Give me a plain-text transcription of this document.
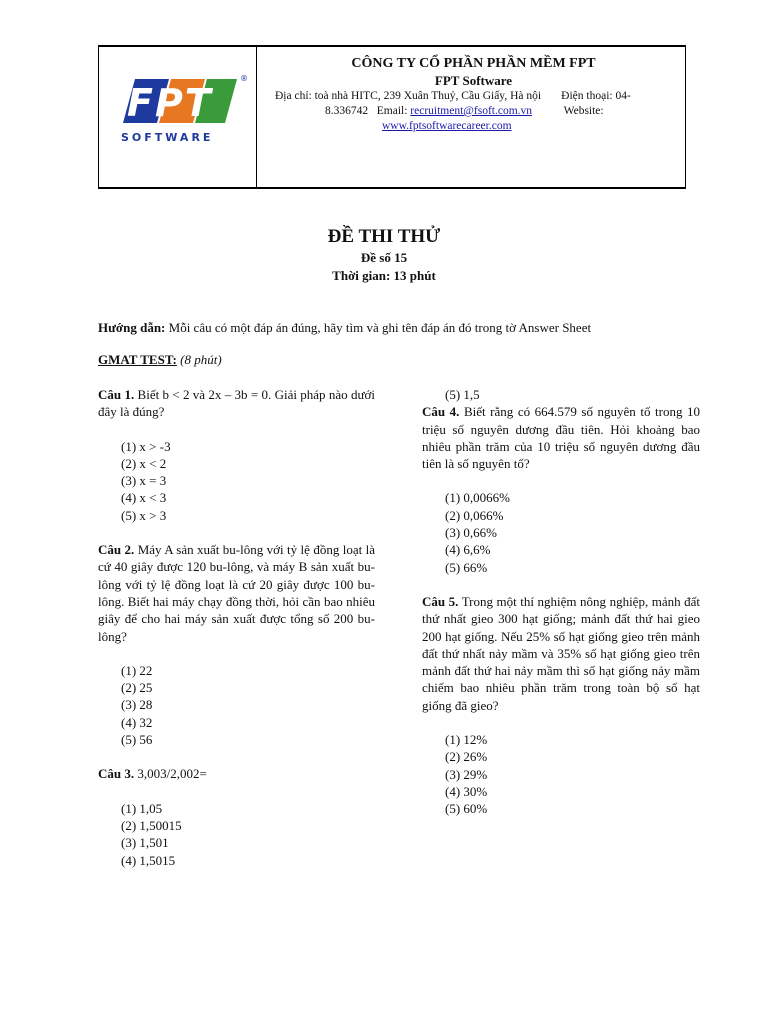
FPT
®
SOFTWARE
CÔNG TY CỔ PHẦN PHẦN MỀM FPT
FPT Software
Địa chỉ: toà nhà HITC, 239 Xuân Thuỷ, Cầu Giấy, Hà nội Điện thoại: 04-
8.336742 Email: recruitment@fsoft.com.vn	Website:
www.fptsoftwarecareer.com
ĐỀ THI THỬ
Đề số 15
Thời gian: 13 phút
Hướng dẫn: Mỗi câu có một đáp án đúng, hãy tìm và ghi tên đáp án đó trong tờ Answer Sheet
GMAT TEST: (8 phút)

Câu 1. Biết b < 2 và 2x – 3b = 0. Giải pháp nào dưới đây là đúng?

(1) x > -3
(2) x < 2
(3) x = 3
(4) x < 3
(5) x > 3

Câu 2. Máy A sản xuất bu-lông với tỷ lệ đồng loạt là cứ 40 giây được 120 bu-lông, và máy B sản xuất bu-lông với tỷ lệ đồng loạt là cứ 20 giây được 100 bu-lông. Biết hai máy chạy đồng thời, hỏi cần bao nhiêu giây để cho hai máy sản xuất được tổng số 200 bu-lông?

(1) 22
(2) 25
(3) 28
(4) 32
(5) 56

Câu 3. 3,003/2,002=

(1) 1,05
(2) 1,50015
(3) 1,501
(4) 1,5015
(5) 1,5

Câu 4. Biết rằng có 664.579 số nguyên tố trong 10 triệu số nguyên dương đầu tiên. Hỏi khoảng bao nhiêu phần trăm của 10 triệu số nguyên dương đầu tiên là số nguyên tố?

(1) 0,0066%
(2) 0,066%
(3) 0,66%
(4) 6,6%
(5) 66%

Câu 5. Trong một thí nghiệm nông nghiệp, mảnh đất thứ nhất gieo 300 hạt giống; mảnh đất thứ hai gieo 200 hạt giống. Nếu 25% số hạt giống gieo trên mảnh đất thứ nhất nảy mầm và 35% số hạt giống gieo trên mảnh đất thứ hai nảy mầm thì số hạt giống nảy mầm chiếm bao nhiêu phần trăm trong toàn bộ số hạt giống đã gieo?

(1) 12%
(2) 26%
(3) 29%
(4) 30%
(5) 60%
